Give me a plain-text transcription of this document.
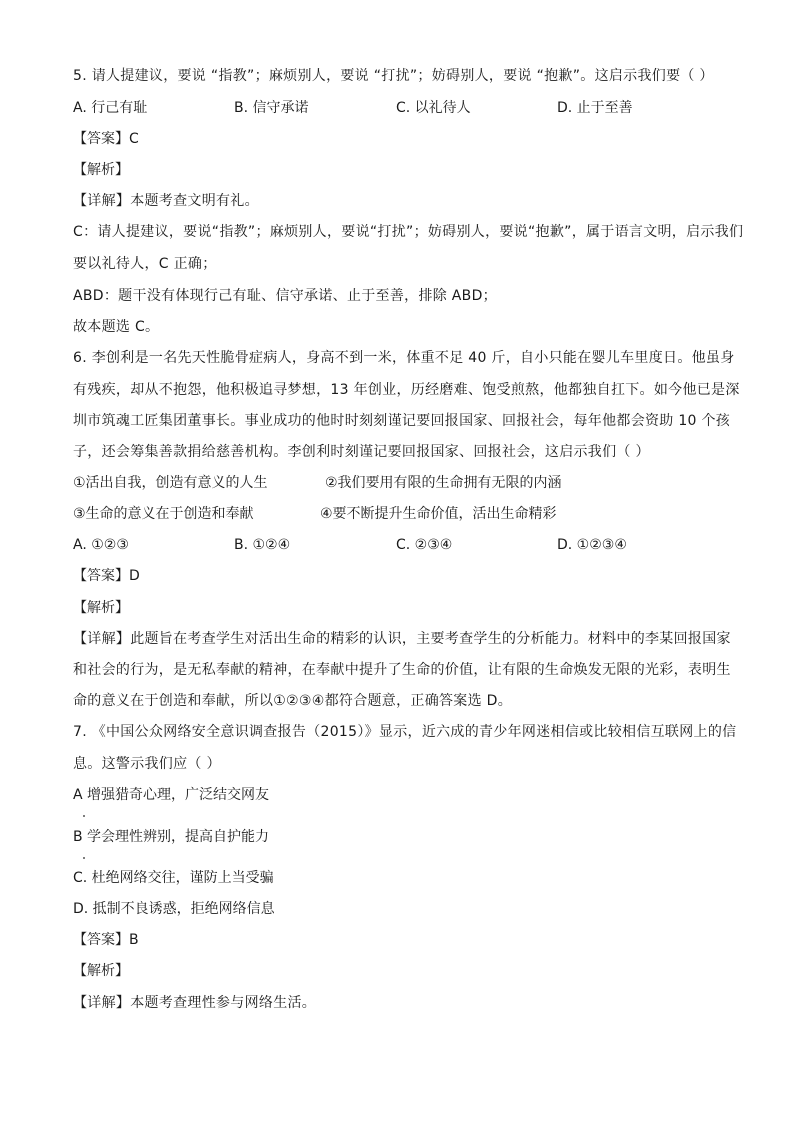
5. 请人提建议，要说 “指教”；麻烦别人，要说 “打扰”；妨碍别人，要说 “抱歉”。这启示我们要（ ）
A. 行己有耻	B. 信守承诺	C. 以礼待人	D. 止于至善
【答案】C
【解析】
【详解】本题考查文明有礼。
C：请人提建议，要说“指教”；麻烦别人，要说“打扰”；妨碍别人，要说“抱歉”，属于语言文明，启示我们
要以礼待人，C 正确；
ABD：题干没有体现行己有耻、信守承诺、止于至善，排除 ABD；
故本题选 C。
6. 李创利是一名先天性脆骨症病人，身高不到一米，体重不足 40 斤，自小只能在婴儿车里度日。他虽身
有残疾，却从不抱怨，他积极追寻梦想，13 年创业，历经磨难、饱受煎熬，他都独自扛下。如今他已是深
圳市筑魂工匠集团董事长。事业成功的他时时刻刻谨记要回报国家、回报社会，每年他都会资助 10 个孩
子，还会筹集善款捐给慈善机构。李创利时刻谨记要回报国家、回报社会，这启示我们（ ）
①活出自我，创造有意义的人生	②我们要用有限的生命拥有无限的内涵
③生命的意义在于创造和奉献	④要不断提升生命价值，活出生命精彩
A. ①②③	B. ①②④	C. ②③④	D. ①②③④
【答案】D
【解析】
【详解】此题旨在考查学生对活出生命的精彩的认识，主要考查学生的分析能力。材料中的李某回报国家
和社会的行为，是无私奉献的精神，在奉献中提升了生命的价值，让有限的生命焕发无限的光彩，表明生
命的意义在于创造和奉献，所以①②③④都符合题意，正确答案选 D。
7. 《中国公众网络安全意识调查报告（2015）》显示，近六成的青少年网迷相信或比较相信互联网上的信
息。这警示我们应（ ）
A 增强猎奇心理，广泛结交网友
B 学会理性辨别，提高自护能力
C. 杜绝网络交往，谨防上当受骗
D. 抵制不良诱惑，拒绝网络信息
【答案】B
【解析】
【详解】本题考查理性参与网络生活。
